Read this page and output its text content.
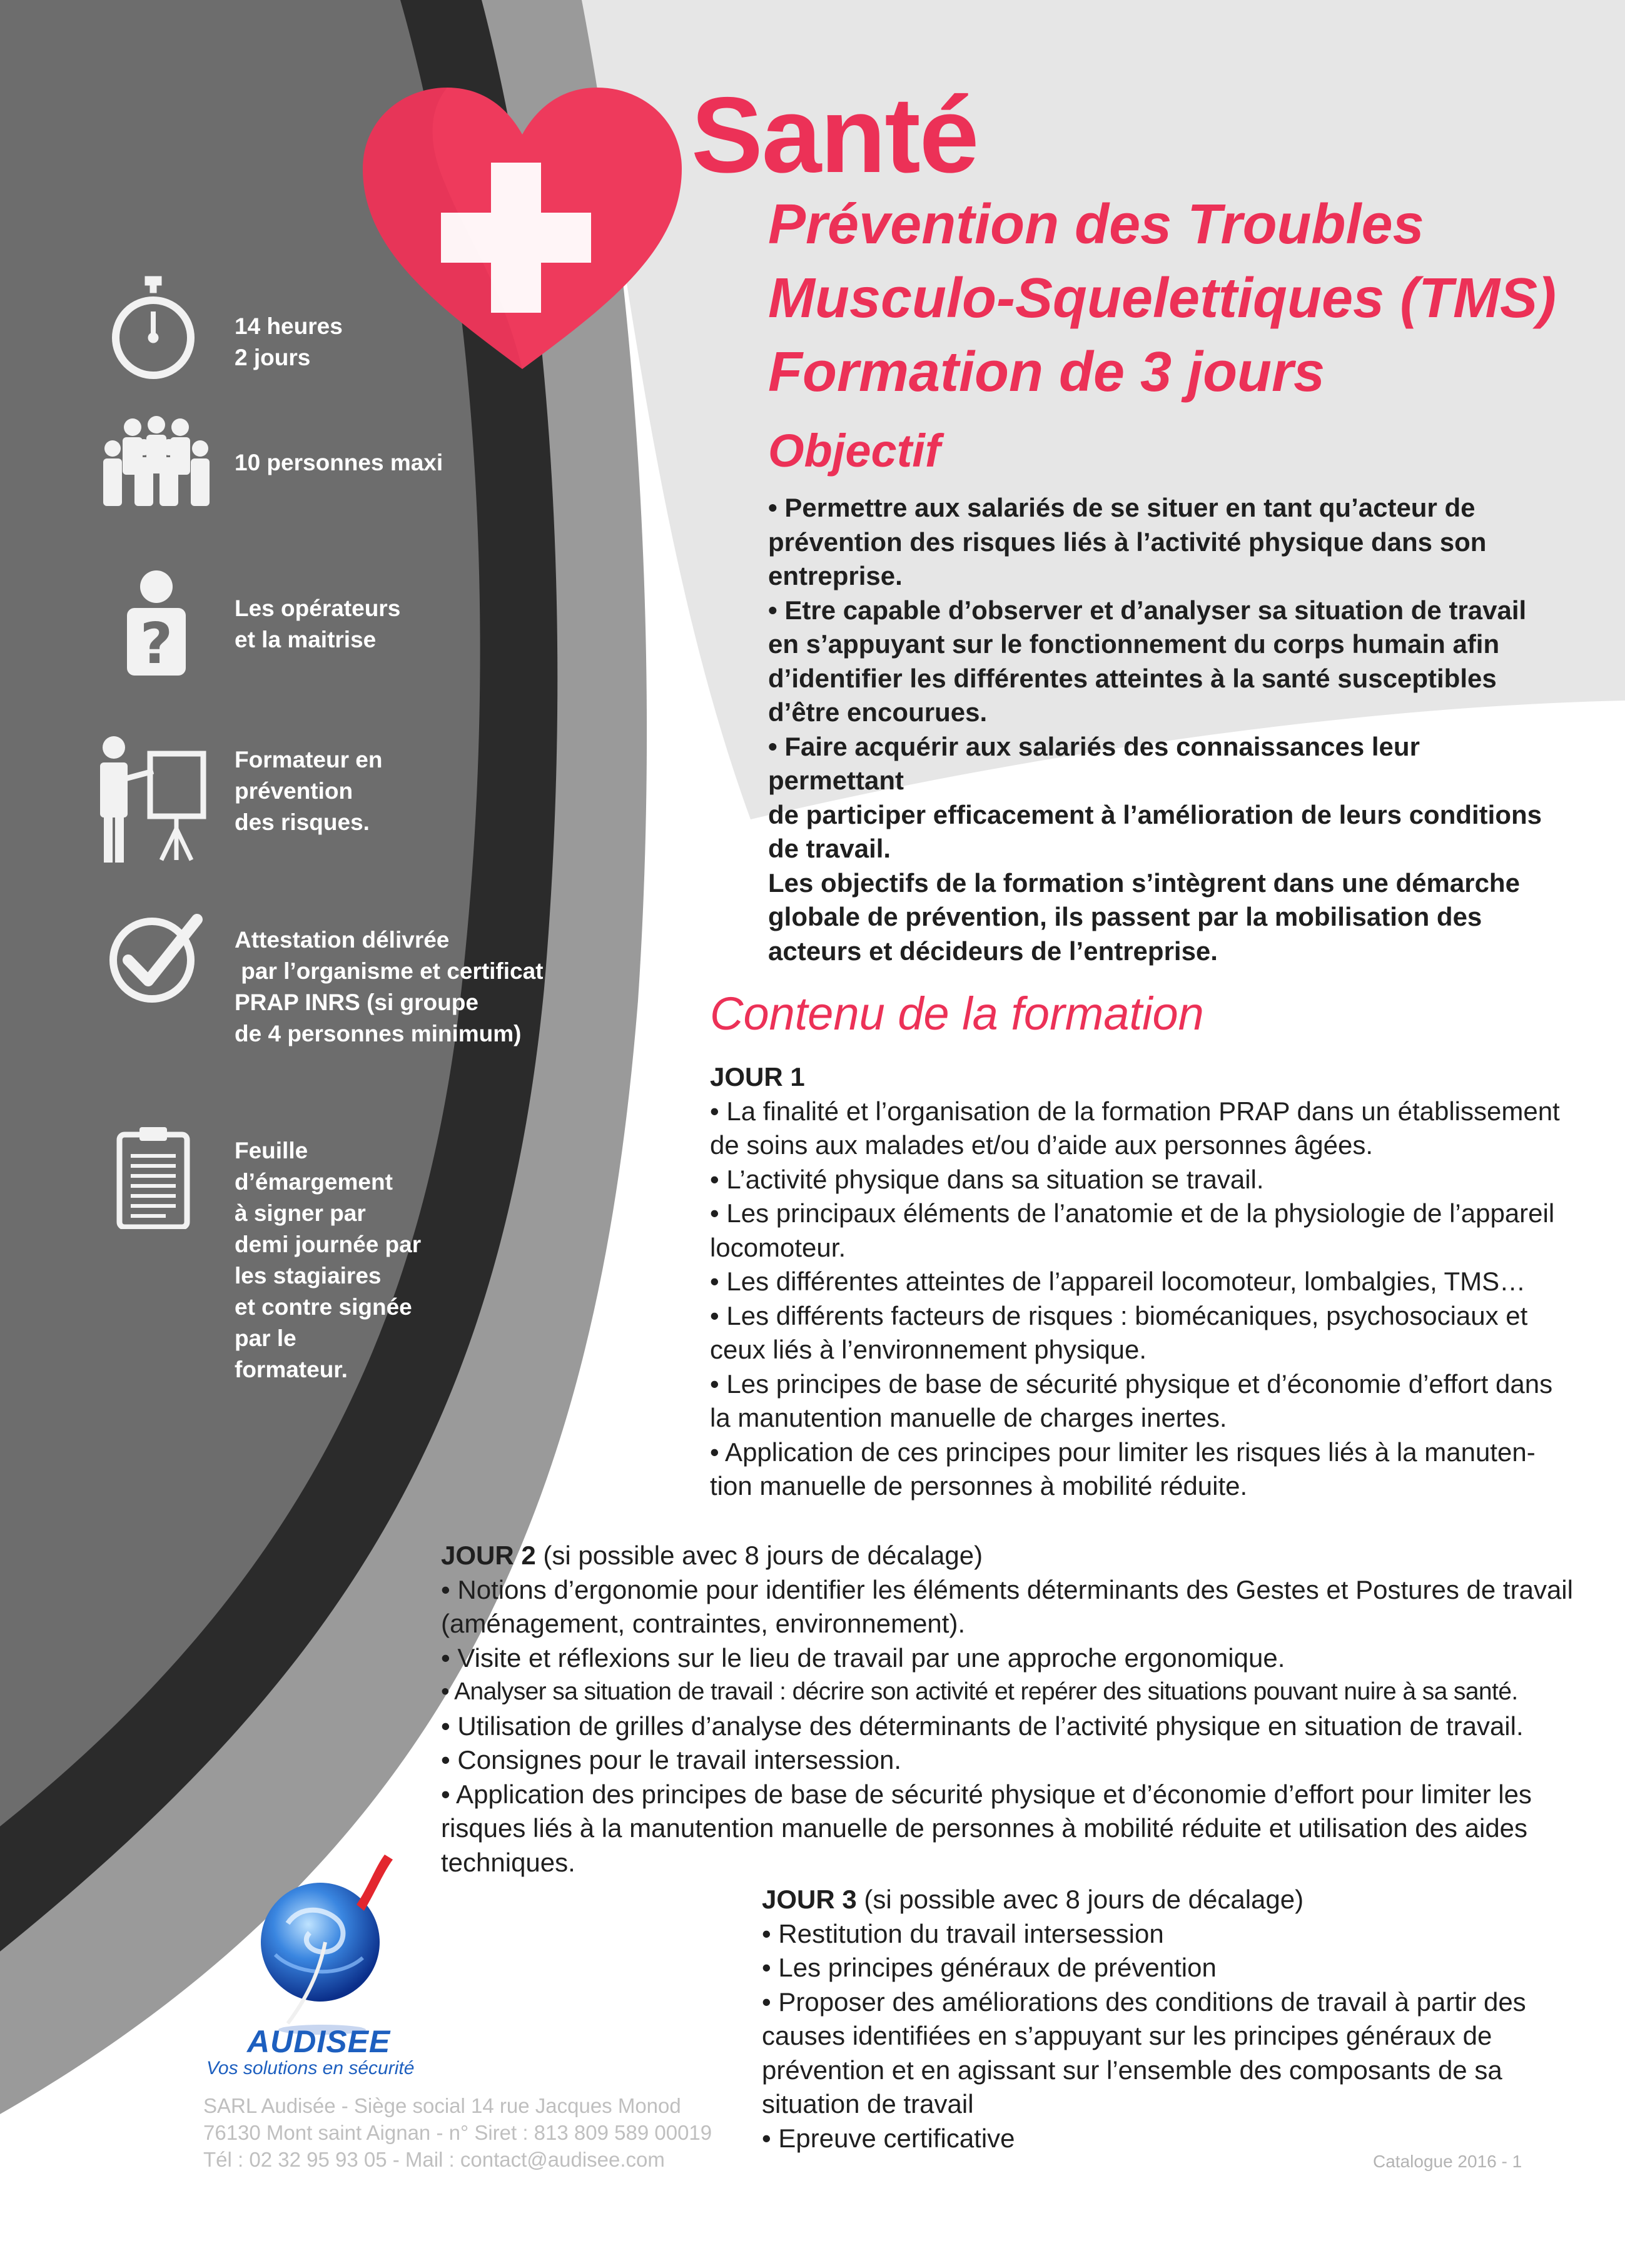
Santé
Prévention des Troubles
Musculo-Squelettiques (TMS)
Formation de 3 jours
Objectif

• Permettre aux salariés de se situer en tant qu’acteur de

prévention des risques liés à l’activité physique dans son

entreprise.

• Etre capable d’observer et d’analyser sa situation de travail

en s’appuyant sur le fonctionnement du corps humain afin

d’identifier les différentes atteintes à la santé susceptibles

d’être encourues.

• Faire acquérir aux salariés des connaissances leur permettant

de participer efficacement à l’amélioration de leurs conditions

de travail.

Les objectifs de la formation s’intègrent dans une démarche

globale de prévention, ils passent par la mobilisation des

acteurs et décideurs de l’entreprise.

Contenu de la formation

JOUR 1

• La finalité et l’organisation de la formation PRAP dans un établissement

de soins aux malades et/ou d’aide aux personnes âgées.

• L’activité physique dans sa situation se travail.

• Les principaux éléments de l’anatomie et de la physiologie de l’appareil

locomoteur.

• Les différentes atteintes de l’appareil locomoteur, lombalgies, TMS…

• Les différents facteurs de risques : biomécaniques, psychosociaux et

ceux liés à l’environnement physique.

• Les principes de base de sécurité physique et d’économie d’effort dans

la manutention manuelle de charges inertes.

• Application de ces principes pour limiter les risques liés à la manuten-

tion manuelle de personnes à mobilité réduite.

JOUR 2 (si possible avec 8 jours de décalage)

• Notions d’ergonomie pour identifier les éléments déterminants des Gestes et Postures de travail

(aménagement, contraintes, environnement).

• Visite et réflexions sur le lieu de travail par une approche ergonomique.

• Analyser sa situation de travail : décrire son activité et repérer des situations pouvant nuire à sa santé.

• Utilisation de grilles d’analyse des déterminants de l’activité physique en situation de travail.

• Consignes pour le travail intersession.

• Application des principes de base de sécurité physique et d’économie d’effort pour limiter les

risques liés à la manutention manuelle de personnes à mobilité réduite et utilisation des aides

techniques.

JOUR 3 (si possible avec 8 jours de décalage)

• Restitution du travail intersession

• Les principes généraux de prévention

• Proposer des améliorations des conditions de travail à partir des

causes identifiées en s’appuyant sur les principes généraux de

prévention et en agissant sur l’ensemble des composants de sa

situation de travail

• Epreuve certificative

14 heures

2 jours

10 personnes maxi

?

Les opérateurs

et la maitrise

Formateur en

prévention

des risques.

Attestation délivrée

par l’organisme et certificat

PRAP INRS (si groupe

de 4 personnes minimum)

Feuille

d’émargement

à signer par

demi journée par

les stagiaires

et contre signée

par le

formateur.

AUDISEE
Vos solutions en sécurité

SARL Audisée - Siège social 14 rue Jacques Monod

76130 Mont saint Aignan - n° Siret : 813 809 589 00019

Tél : 02 32 95 93 05 - Mail : contact@audisee.com	Catalogue 2016 - 1
